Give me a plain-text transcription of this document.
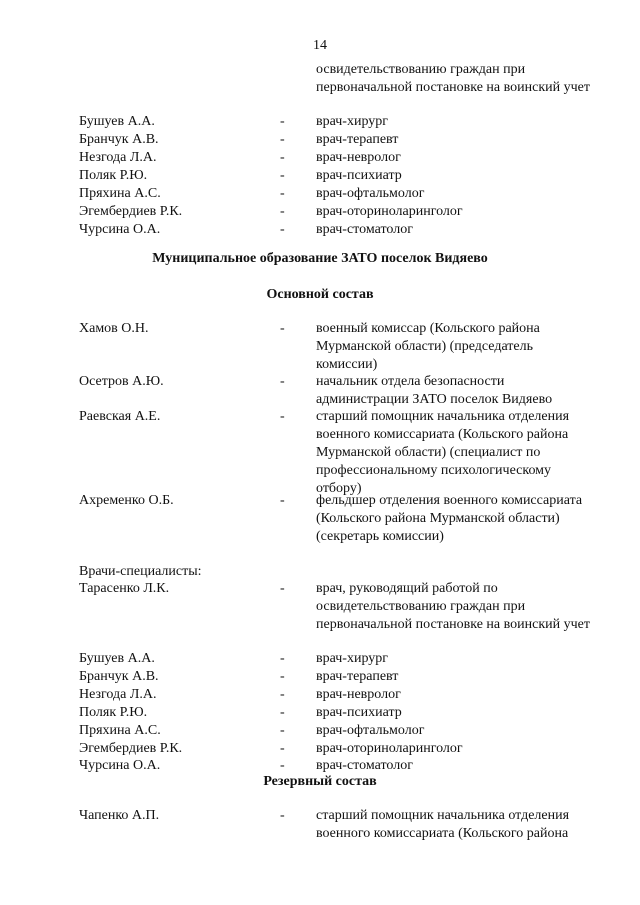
14
освидетельствованию граждан при первоначальной постановке на воинский учет
Бушуев А.А.	- врач-хирург
Бранчук А.В.	- врач-терапевт
Незгода Л.А.	- врач-невролог
Поляк Р.Ю.	- врач-психиатр
Пряхина А.С.	- врач-офтальмолог
Эгембердиев Р.К.	- врач-оториноларинголог
Чурсина О.А.	- врач-стоматолог
Муниципальное образование ЗАТО поселок Видяево
Основной состав
Хамов О.Н.	- военный комиссар (Кольского района Мурманской области) (председатель комиссии)
Осетров А.Ю.	- начальник отдела безопасности администрации ЗАТО поселок Видяево
Раевская А.Е.	- старший помощник начальника отделения военного комиссариата (Кольского района Мурманской области) (специалист по профессиональному психологическому отбору)
Ахременко О.Б.	- фельдшер отделения военного комиссариата (Кольского района Мурманской области) (секретарь комиссии)
Врачи-специалисты:
Тарасенко Л.К.	- врач, руководящий работой по освидетельствованию граждан при первоначальной постановке на воинский учет
Бушуев А.А.	- врач-хирург
Бранчук А.В.	- врач-терапевт
Незгода Л.А.	- врач-невролог
Поляк Р.Ю.	- врач-психиатр
Пряхина А.С.	- врач-офтальмолог
Эгембердиев Р.К.	- врач-оториноларинголог
Чурсина О.А.	- врач-стоматолог
Резервный состав
Чапенко А.П.	- старший помощник начальника отделения военного комиссариата (Кольского района
